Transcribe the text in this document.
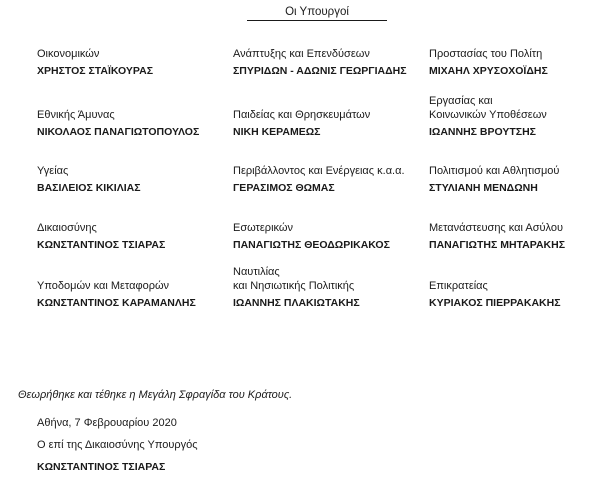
Οι Υπουργοί
Οικονομικών
ΧΡΗΣΤΟΣ ΣΤΑΪΚΟΥΡΑΣ
Ανάπτυξης και Επενδύσεων
ΣΠΥΡΙΔΩΝ - ΑΔΩΝΙΣ ΓΕΩΡΓΙΑΔΗΣ
Προστασίας του Πολίτη
ΜΙΧΑΗΛ ΧΡΥΣΟΧΟΪΔΗΣ
Εθνικής Άμυνας
ΝΙΚΟΛΑΟΣ ΠΑΝΑΓΙΩΤΟΠΟΥΛΟΣ
Παιδείας και Θρησκευμάτων
ΝΙΚΗ ΚΕΡΑΜΕΩΣ
Εργασίας και
Κοινωνικών Υποθέσεων
ΙΩΑΝΝΗΣ ΒΡΟΥΤΣΗΣ
Υγείας
ΒΑΣΙΛΕΙΟΣ ΚΙΚΙΛΙΑΣ
Περιβάλλοντος και Ενέργειας κ.α.α.
ΓΕΡΑΣΙΜΟΣ ΘΩΜΑΣ
Πολιτισμού και Αθλητισμού
ΣΤΥΛΙΑΝΗ ΜΕΝΔΩΝΗ
Δικαιοσύνης
ΚΩΝΣΤΑΝΤΙΝΟΣ ΤΣΙΑΡΑΣ
Εσωτερικών
ΠΑΝΑΓΙΩΤΗΣ ΘΕΟΔΩΡΙΚΑΚΟΣ
Μετανάστευσης και Ασύλου
ΠΑΝΑΓΙΩΤΗΣ ΜΗΤΑΡΑΚΗΣ
Υποδομών και Μεταφορών
ΚΩΝΣΤΑΝΤΙΝΟΣ ΚΑΡΑΜΑΝΛΗΣ
Ναυτιλίας
και Νησιωτικής Πολιτικής
ΙΩΑΝΝΗΣ ΠΛΑΚΙΩΤΑΚΗΣ
Επικρατείας
ΚΥΡΙΑΚΟΣ ΠΙΕΡΡΑΚΑΚΗΣ
Θεωρήθηκε και τέθηκε η Μεγάλη Σφραγίδα του Κράτους.
Αθήνα, 7 Φεβρουαρίου 2020
Ο επί της Δικαιοσύνης Υπουργός
ΚΩΝΣΤΑΝΤΙΝΟΣ ΤΣΙΑΡΑΣ
